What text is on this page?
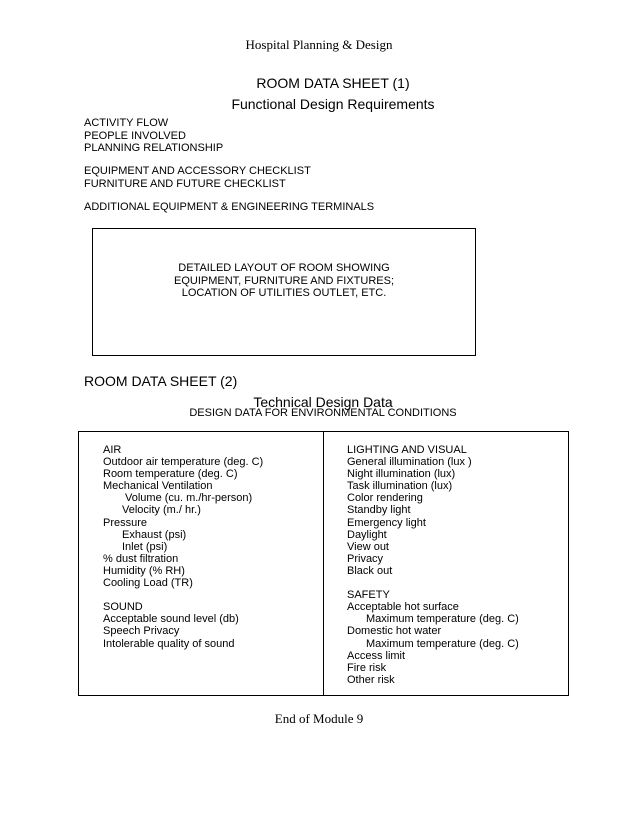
Hospital Planning & Design
ROOM DATA SHEET (1)
Functional Design Requirements
ACTIVITY FLOW
PEOPLE INVOLVED
PLANNING RELATIONSHIP
EQUIPMENT AND ACCESSORY CHECKLIST
FURNITURE AND FUTURE CHECKLIST
ADDITIONAL EQUIPMENT & ENGINEERING TERMINALS
DETAILED LAYOUT OF ROOM SHOWING
EQUIPMENT, FURNITURE AND FIXTURES;
LOCATION OF UTILITIES OUTLET, ETC.
ROOM DATA SHEET (2)
Technical Design Data
DESIGN DATA FOR ENVIRONMENTAL CONDITIONS
AIR
Outdoor air temperature (deg. C)
Room temperature (deg. C)
Mechanical Ventilation
Volume (cu. m./hr-person)
Velocity (m./ hr.)
Pressure
Exhaust (psi)
Inlet (psi)
% dust filtration
Humidity (% RH)
Cooling Load (TR)
SOUND
Acceptable sound level (db)
Speech Privacy
Intolerable quality of sound
LIGHTING AND VISUAL
General illumination (lux )
Night illumination (lux)
Task illumination (lux)
Color rendering
Standby light
Emergency light
Daylight
View out
Privacy
Black out
SAFETY
Acceptable hot surface
Maximum temperature (deg. C)
Domestic hot water
Maximum temperature (deg. C)
Access limit
Fire risk
Other risk
End of Module 9
